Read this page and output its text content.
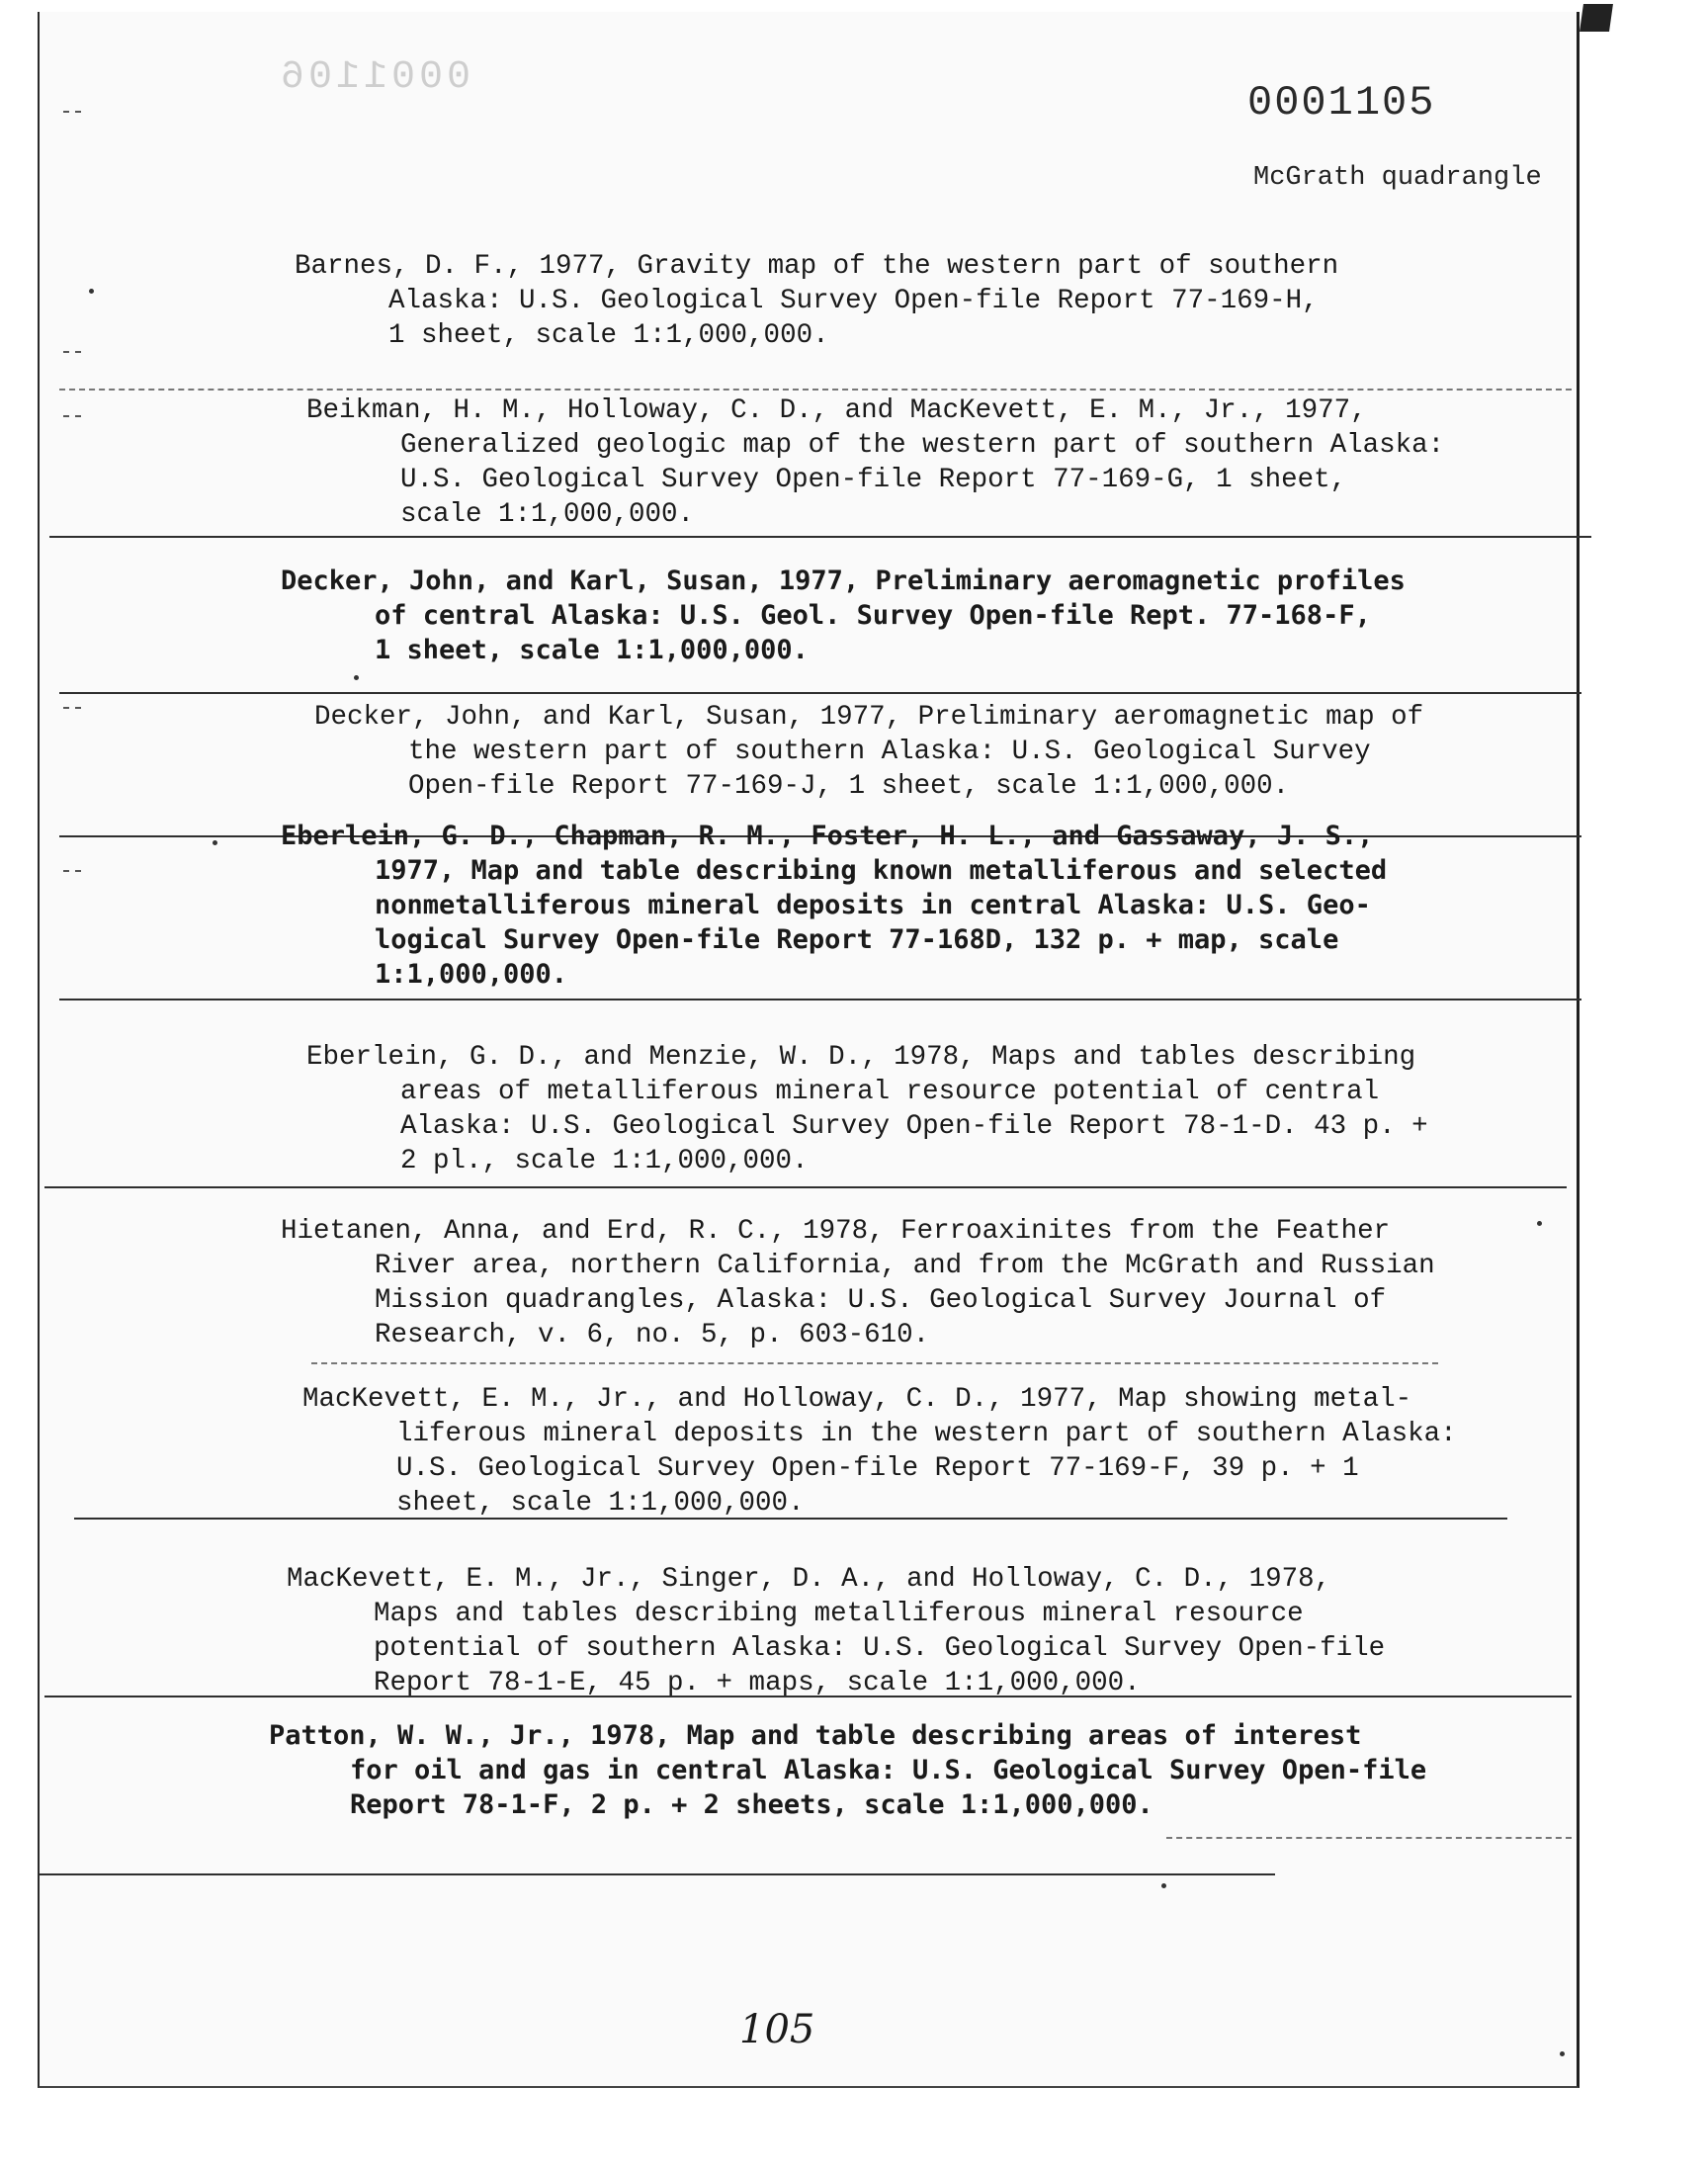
0001106
0001105
McGrath quadrangle
Barnes, D. F., 1977, Gravity map of the western part of southern
Alaska: U.S. Geological Survey Open-file Report 77-169-H,
1 sheet, scale 1:1,000,000.
Beikman, H. M., Holloway, C. D., and MacKevett, E. M., Jr., 1977,
Generalized geologic map of the western part of southern Alaska:
U.S. Geological Survey Open-file Report 77-169-G, 1 sheet,
scale 1:1,000,000.
Decker, John, and Karl, Susan, 1977, Preliminary aeromagnetic profiles
of central Alaska: U.S. Geol. Survey Open-file Rept. 77-168-F,
1 sheet, scale 1:1,000,000.
Decker, John, and Karl, Susan, 1977, Preliminary aeromagnetic map of
the western part of southern Alaska: U.S. Geological Survey
Open-file Report 77-169-J, 1 sheet, scale 1:1,000,000.
Eberlein, G. D., Chapman, R. M., Foster, H. L., and Gassaway, J. S.,
1977, Map and table describing known metalliferous and selected
nonmetalliferous mineral deposits in central Alaska: U.S. Geo-
logical Survey Open-file Report 77-168D, 132 p. + map, scale
1:1,000,000.
Eberlein, G. D., and Menzie, W. D., 1978, Maps and tables describing
areas of metalliferous mineral resource potential of central
Alaska: U.S. Geological Survey Open-file Report 78-1-D. 43 p. +
2 pl., scale 1:1,000,000.
Hietanen, Anna, and Erd, R. C., 1978, Ferroaxinites from the Feather
River area, northern California, and from the McGrath and Russian
Mission quadrangles, Alaska: U.S. Geological Survey Journal of
Research, v. 6, no. 5, p. 603-610.
MacKevett, E. M., Jr., and Holloway, C. D., 1977, Map showing metal-
liferous mineral deposits in the western part of southern Alaska:
U.S. Geological Survey Open-file Report 77-169-F, 39 p. + 1
sheet, scale 1:1,000,000.
MacKevett, E. M., Jr., Singer, D. A., and Holloway, C. D., 1978,
Maps and tables describing metalliferous mineral resource
potential of southern Alaska: U.S. Geological Survey Open-file
Report 78-1-E, 45 p. + maps, scale 1:1,000,000.
Patton, W. W., Jr., 1978, Map and table describing areas of interest
for oil and gas in central Alaska: U.S. Geological Survey Open-file
Report 78-1-F, 2 p. + 2 sheets, scale 1:1,000,000.
105
